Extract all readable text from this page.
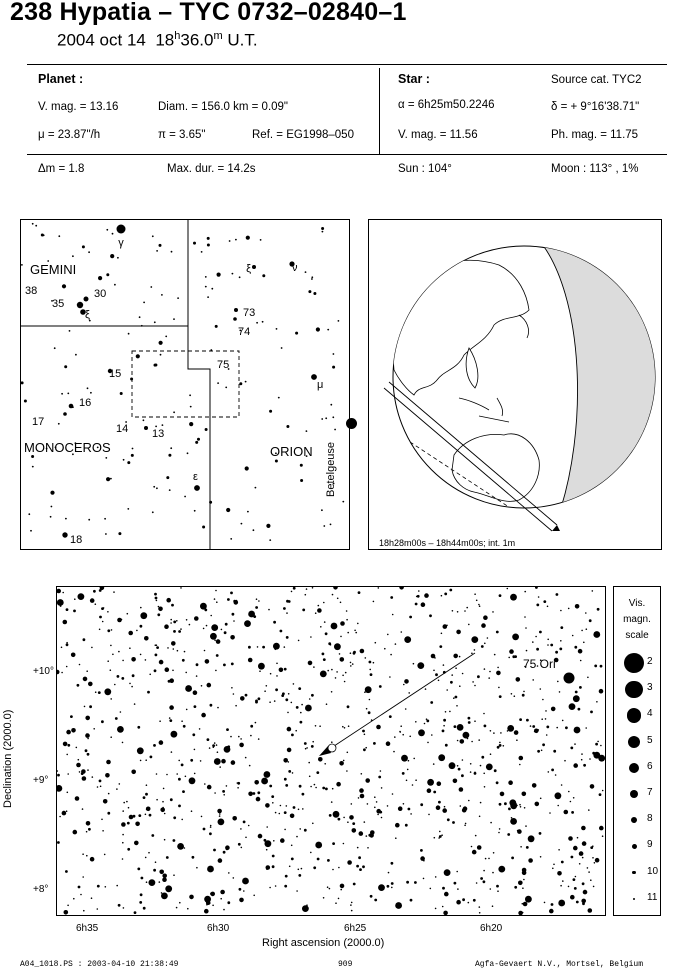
238 Hypatia – TYC 0732–02840–1
2004 oct 14 18$^h$36.0$^m$ U.T.
Planet :	Star :	Source cat. TYC2
V. mag. = 13.16	Diam. = 156.0 km = 0.09"	α = 6h25m50.2246	δ = + 9°16'38.71"
μ = 23.87"/h	π = 3.65"	Ref. = EG1998–050	V. mag. = 11.56	Ph. mag. = 11.75
Δm = 1.8	Max. dur. = 14.2s	Sun : 104°	Moon : 113° , 1%
γ
ξ	ν
38
35
30
ξ	73
74
75
15
μ
16
17
14 13
ε
18
GEMINI
MONOCEROS	ORION Betelgeuse
18h28m00s – 18h44m00s; int. 1m
75 Ori
+10°
+9°
+8°
6h35	6h30	6h25	6h20
Right ascension (2000.0)
Declination (2000.0)
Vis.
magn.
scale
2
3
4
5
6
7
8
9
10
11
A04_1018.PS : 2003-04-10 21:38:49	909	Agfa-Gevaert N.V., Mortsel, Belgium
